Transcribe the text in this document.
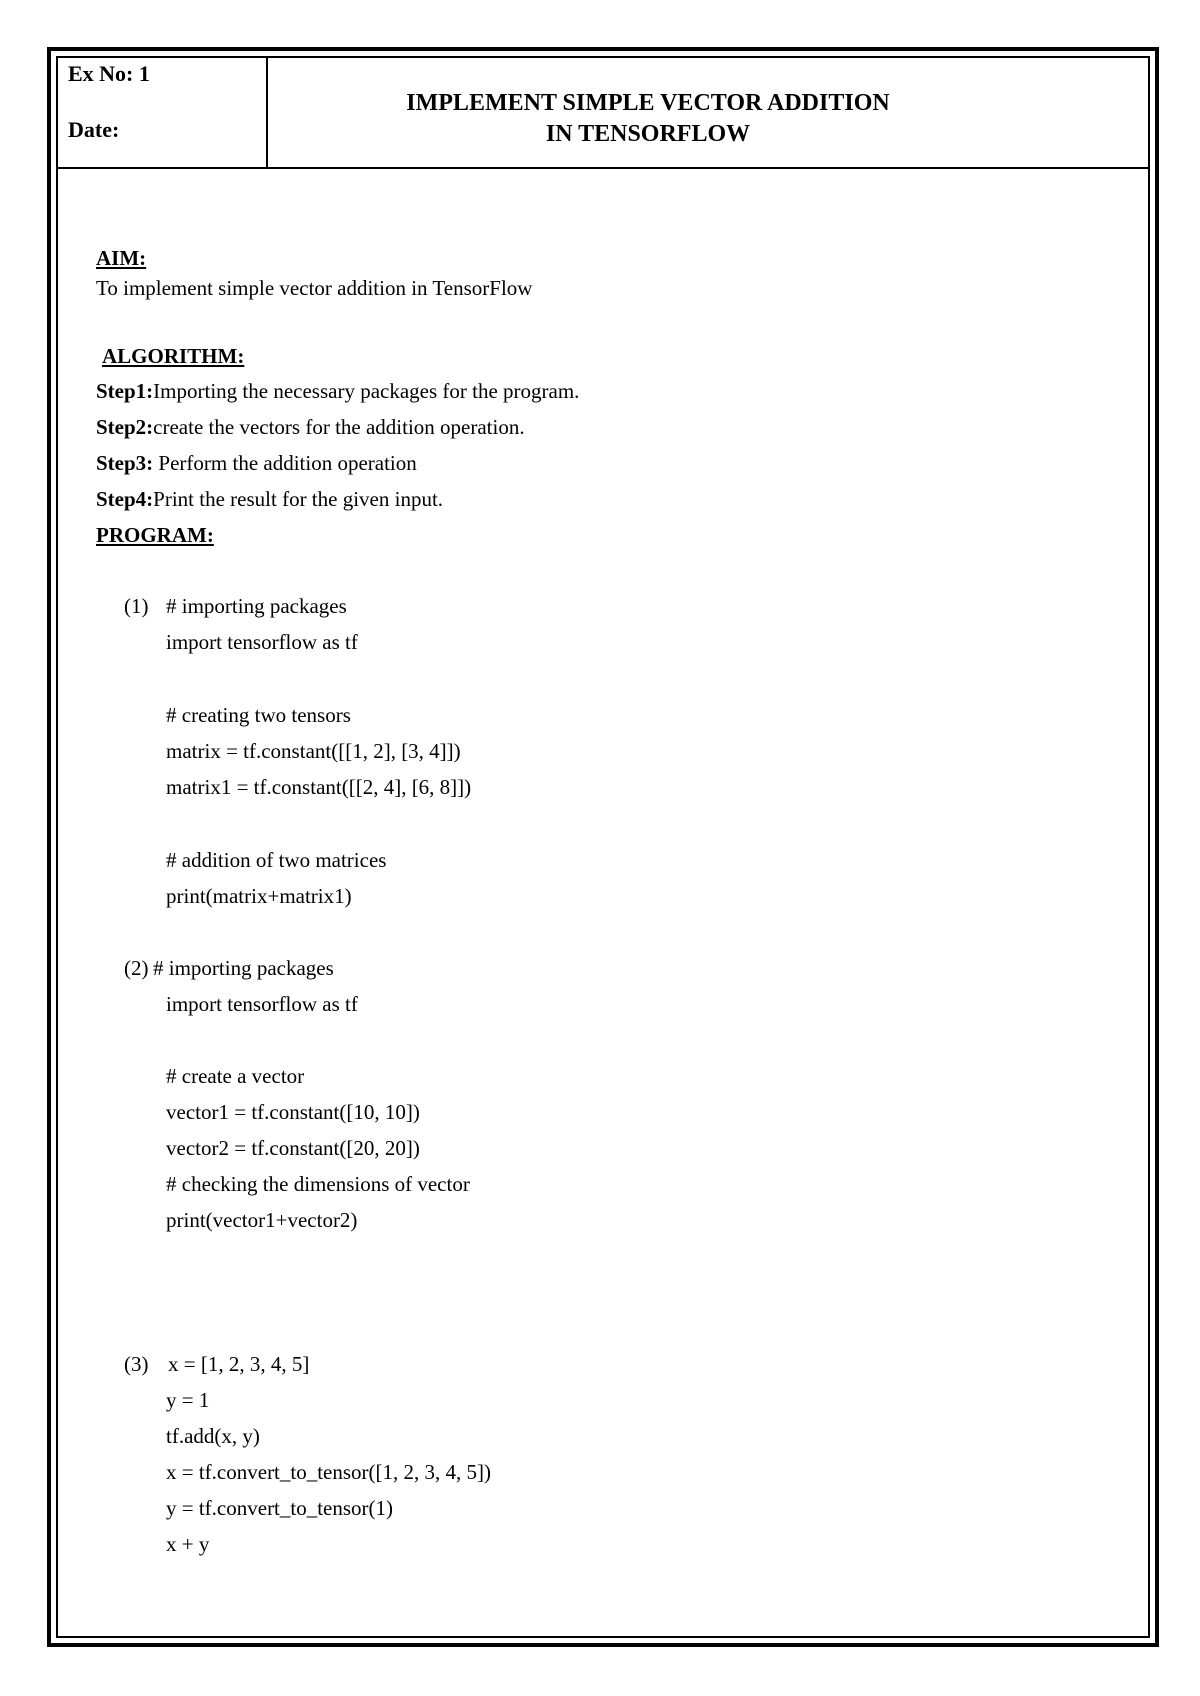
Ex No: 1
Date:
IMPLEMENT SIMPLE VECTOR ADDITION
IN TENSORFLOW
AIM:
To implement simple vector addition in TensorFlow
ALGORITHM:
Step1:Importing the necessary packages for the program.
Step2:create the vectors for the addition operation.
Step3: Perform the addition operation
Step4:Print the result for the given input.
PROGRAM:
(1) # importing packages
import tensorflow as tf
# creating two tensors
matrix = tf.constant([[1, 2], [3, 4]])
matrix1 = tf.constant([[2, 4], [6, 8]])
# addition of two matrices
print(matrix+matrix1)
(2) # importing packages
import tensorflow as tf
# create a vector
vector1 = tf.constant([10, 10])
vector2 = tf.constant([20, 20])
# checking the dimensions of vector
print(vector1+vector2)
(3) x = [1, 2, 3, 4, 5]
y = 1
tf.add(x, y)
x = tf.convert_to_tensor([1, 2, 3, 4, 5])
y = tf.convert_to_tensor(1)
x + y
